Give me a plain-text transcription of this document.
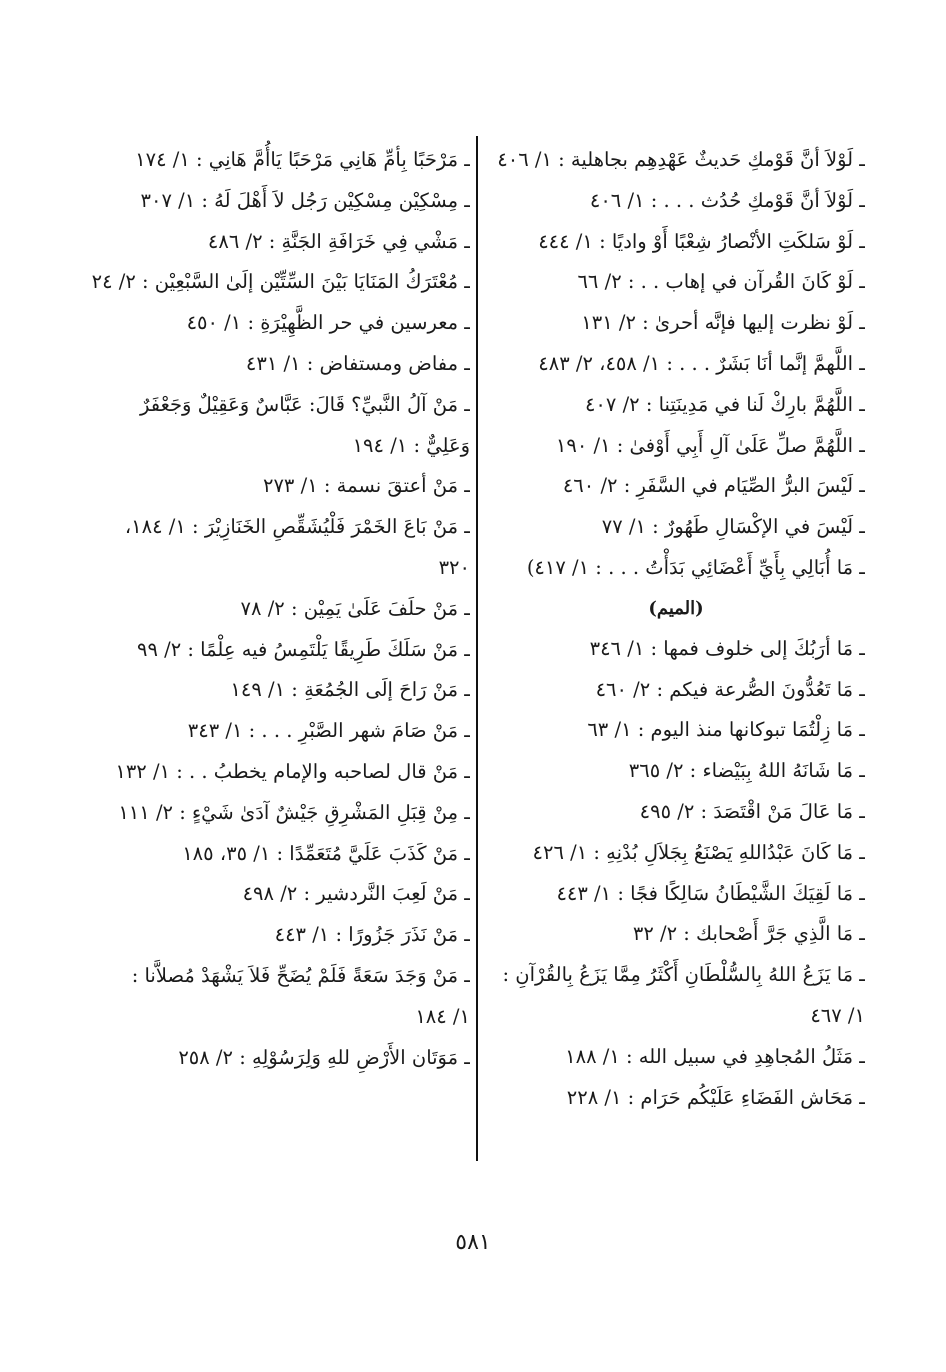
ـ لَوْلاَ أنَّ قَوْمكِ حَديثٌ عَهْدِهِم بجاهلية : ١/ ٤٠٦
ـ لَوْلاَ أنَّ قَوْمكِ حُدُث . . . : ١/ ٤٠٦
ـ لَوْ سَلكَتِ الأنْصارُ شِعْبًا أَوْ واديًا : ١/ ٤٤٤
ـ لَوْ كَانَ القُرآن في إهاب . . : ٢/ ٦٦
ـ لَوْ نظرت إليها فإنَّه أحرىٰ : ٢/ ١٣١
ـ اللَّهمَّ إنَّما أنَا بَشَرٌ . . . : ١/ ٤٥٨، ٢/ ٤٨٣
ـ اللَّهُمَّ بارِكْ لَنا في مَدِينَتِنا : ٢/ ٤٠٧
ـ اللَّهُمَّ صلِّ عَلَىٰ آلِ أَبِي أَوْفىٰ : ١/ ١٩٠
ـ لَيْسَ البرُّ الصِّيَام في السَّفَرِ : ٢/ ٤٦٠
ـ لَيْسَ في الإكْسَالِ طَهُورٌ : ١/ ٧٧
ـ مَا أُبَالِي بِأَيِّ أَعْضَائِي بَدَأْتُ . . . : ١/ ٤١٧)
(الميم)
ـ مَا أرَبُكَ إلى خلوف فمها : ١/ ٣٤٦
ـ مَا تَعُدُّونَ الصُّرعة فيكم : ٢/ ٤٦٠
ـ مَا زِلْتُمَا تبوكانها منذ اليوم : ١/ ٦٣
ـ مَا شَانَهُ اللهُ بِبَيْضاء : ٢/ ٣٦٥
ـ مَا عَالَ مَنْ اقْتَصَدَ : ٢/ ٤٩٥
ـ مَا كَانَ عَبْدُاللهِ يَصْنَعُ بِجَلاَلِ بُدْنِهِ : ١/ ٤٢٦
ـ مَا لَقِيَكَ الشَّيْطَانُ سَالِكًا فجًا : ١/ ٤٤٣
ـ مَا الَّذِي جَرَّ أَصْحابك : ٢/ ٣٢
ـ مَا يَزَعُ اللهُ بِالسُّلْطَانِ أَكْثَرُ مِمَّا يَزَعُ بِالقُرْآنِ :
١/ ٤٦٧
ـ مَثَلُ المُجاهِدِ في سبيل الله : ١/ ١٨٨
ـ مَحَاش الفَضَاءِ عَلَيْكُم حَرَام : ١/ ٢٢٨
ـ مَرْحَبًا بِأمِّ هَانِي مَرْحَبًا يَاأُمَّ هَانِي : ١/ ١٧٤
ـ مِسْكِيْن مِسْكِيْن رَجُل لاَ أَهْلَ لَهُ : ١/ ٣٠٧
ـ مَشْي فِي خَرَافَةِ الجَنَّةِ : ٢/ ٤٨٦
ـ مُعْتَرَكُ المَنَايَا بَيْنَ السِّتِّيْن إلَىٰ السَّبْعِيْن : ٢/ ٢٤
ـ معرسين في حر الظَّهِيْرَةِ : ١/ ٤٥٠
ـ مفاض ومستفاض : ١/ ٤٣١
ـ مَنْ آلُ النَّبيِّ؟ قَالَ: عَبَّاسٌ وَعَقِيْلٌ وَجَعْفَرٌ
وَعَلِيٌّ : ١/ ١٩٤
ـ مَنْ أعتقَ نسمة : ١/ ٢٧٣
ـ مَنْ بَاعَ الخَمْرَ فَلْيُشَقِّصِ الخَنَازِيْرَ : ١/ ١٨٤،
٣٢٠
ـ مَنْ حلَفَ عَلَىٰ يَمِيْن : ٢/ ٧٨
ـ مَنْ سَلَكَ طَرِيقًا يَلْتَمِسُ فيه عِلْمًا : ٢/ ٩٩
ـ مَنْ رَاحَ إلَى الجُمُعَةِ : ١/ ١٤٩
ـ مَنْ صَامَ شهر الصَّبْرِ . . . : ١/ ٣٤٣
ـ مَنْ قال لصاحبه والإمام يخطبُ . . : ١/ ١٣٢
ـ مِنْ قِبَلِ المَشْرِقِ جَيْشٌ آدَىٰ شَيْءٍ : ٢/ ١١١
ـ مَنْ كَذَبَ عَلَيَّ مُتَعَمِّدًا : ١/ ٣٥، ١٨٥
ـ مَنْ لَعِبَ النَّردشير : ٢/ ٤٩٨
ـ مَنْ نَذَرَ جَزُورًا : ١/ ٤٤٣
ـ مَنْ وَجَدَ سَعَةً فَلَمْ يُضَحِّ فَلاَ يَشْهَدْ مُصلاَّنا :
١/ ١٨٤
ـ مَوَتَان الأَرْضِ للهِ وَلِرَسُوْلِهِ : ٢/ ٢٥٨
٥٨١
